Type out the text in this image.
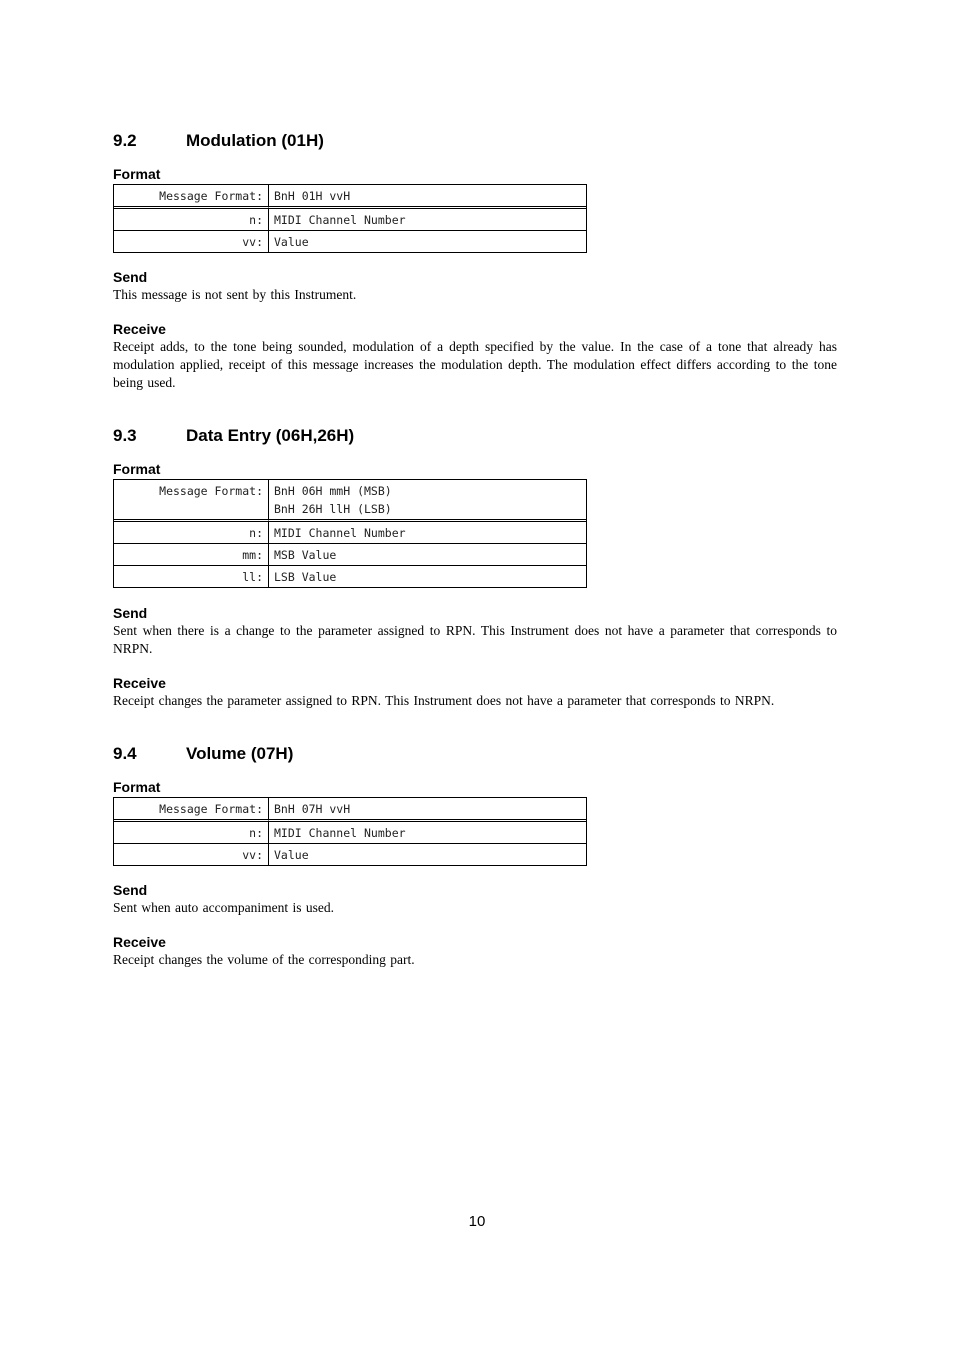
9.2	Modulation (01H)
Format
Message Format:	BnH 01H vvH
n:	MIDI Channel Number
vv:	Value
Send

This message is not sent by this Instrument.

Receive

Receipt adds, to the tone being sounded, modulation of a depth specified by the value. In the case of a tone that already has modulation applied, receipt of this message increases the modulation depth. The modulation effect differs according to the tone being used.

9.3	Data Entry (06H,26H)
Format
Message Format:	BnH 06H mmH (MSB)
BnH 26H llH (LSB)
n:	MIDI Channel Number
mm:	MSB Value
ll:	LSB Value
Send

Sent when there is a change to the parameter assigned to RPN. This Instrument does not have a parameter that corresponds to NRPN.

Receive

Receipt changes the parameter assigned to RPN. This Instrument does not have a parameter that corresponds to NRPN.

9.4	Volume (07H)
Format
Message Format:	BnH 07H vvH
n:	MIDI Channel Number
vv:	Value
Send

Sent when auto accompaniment is used.

Receive

Receipt changes the volume of the corresponding part.

10
